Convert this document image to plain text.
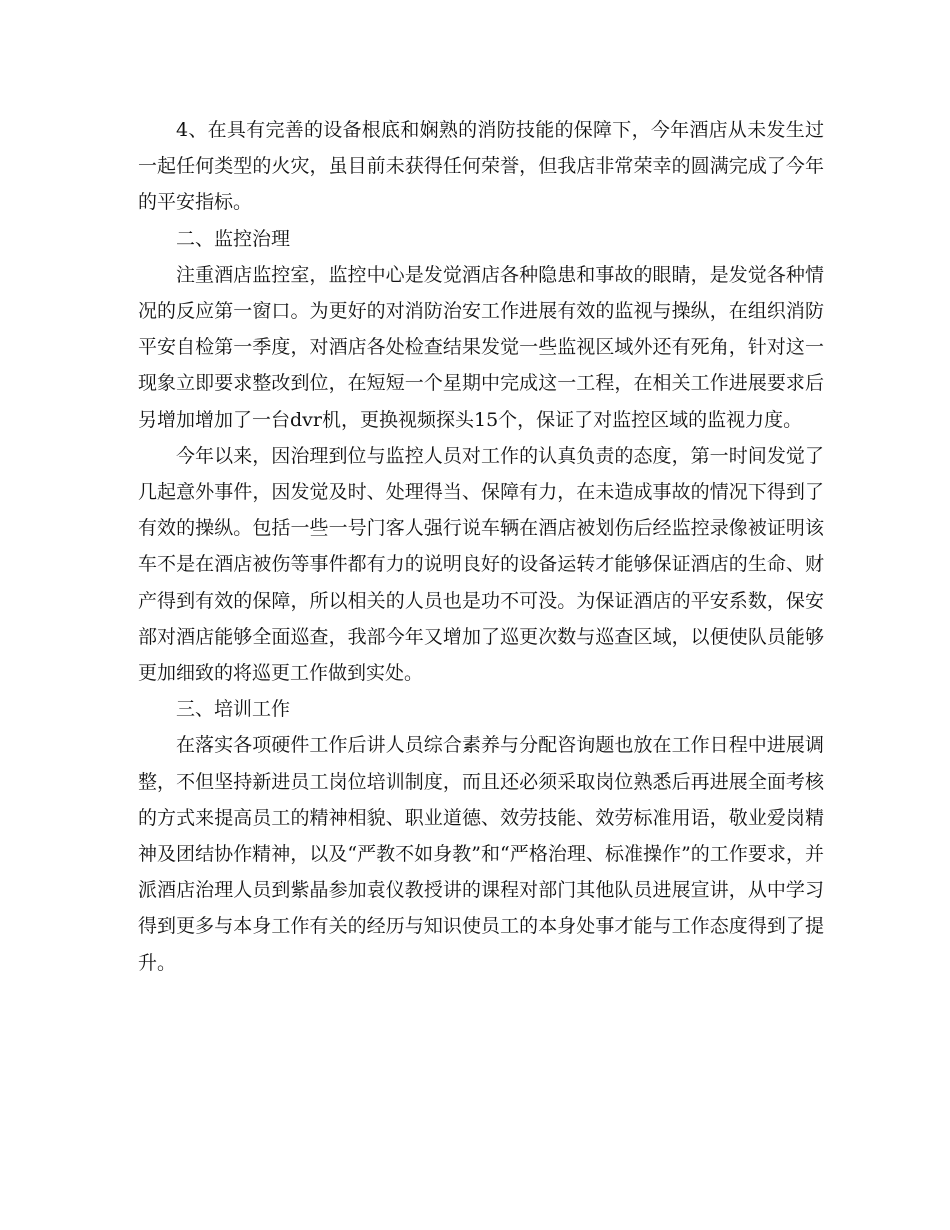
4、在具有完善的设备根底和娴熟的消防技能的保障下，今年酒店从未发生过一起任何类型的火灾，虽目前未获得任何荣誉，但我店非常荣幸的圆满完成了今年的平安指标。

二、监控治理

注重酒店监控室，监控中心是发觉酒店各种隐患和事故的眼睛，是发觉各种情况的反应第一窗口。为更好的对消防治安工作进展有效的监视与操纵，在组织消防平安自检第一季度，对酒店各处检查结果发觉一些监视区域外还有死角，针对这一现象立即要求整改到位，在短短一个星期中完成这一工程，在相关工作进展要求后另增加增加了一台dvr机，更换视频探头15个，保证了对监控区域的监视力度。

今年以来，因治理到位与监控人员对工作的认真负责的态度，第一时间发觉了几起意外事件，因发觉及时、处理得当、保障有力，在未造成事故的情况下得到了有效的操纵。包括一些一号门客人强行说车辆在酒店被划伤后经监控录像被证明该车不是在酒店被伤等事件都有力的说明良好的设备运转才能够保证酒店的生命、财产得到有效的保障，所以相关的人员也是功不可没。为保证酒店的平安系数，保安部对酒店能够全面巡查，我部今年又增加了巡更次数与巡查区域，以便使队员能够更加细致的将巡更工作做到实处。

三、培训工作

在落实各项硬件工作后讲人员综合素养与分配咨询题也放在工作日程中进展调整，不但坚持新进员工岗位培训制度，而且还必须采取岗位熟悉后再进展全面考核的方式来提高员工的精神相貌、职业道德、效劳技能、效劳标准用语，敬业爱岗精神及团结协作精神，以及“严教不如身教”和“严格治理、标准操作”的工作要求，并派酒店治理人员到紫晶参加袁仪教授讲的课程对部门其他队员进展宣讲，从中学习得到更多与本身工作有关的经历与知识使员工的本身处事才能与工作态度得到了提升。
